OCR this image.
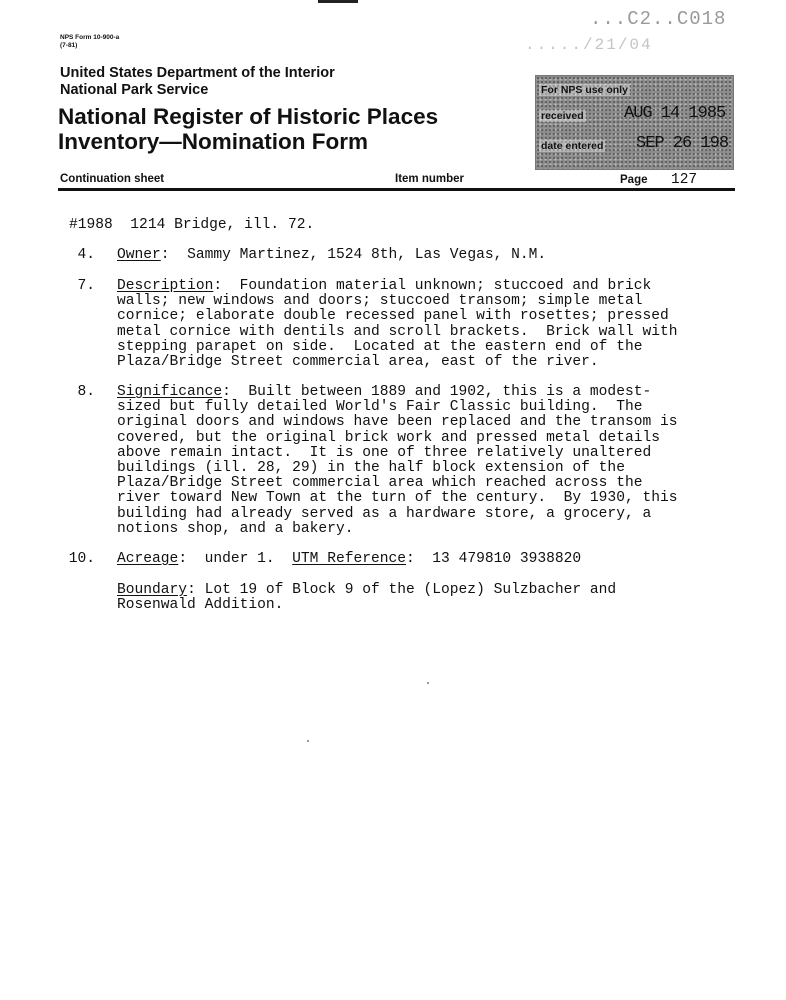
NPS Form 10-900-a
(7-81)
...C2..C018
...../21/04
United States Department of the Interior
National Park Service
National Register of Historic Places
Inventory—Nomination Form
For NPS use only
received AUG 14 1985
date entered SEP 26 198
Continuation sheet	Item number	Page 127
#1988  1214 Bridge, ill. 72.
4. Owner:  Sammy Martinez, 1524 8th, Las Vegas, N.M.
7. Description:  Foundation material unknown; stuccoed and brick
walls; new windows and doors; stuccoed transom; simple metal
cornice; elaborate double recessed panel with rosettes; pressed
metal cornice with dentils and scroll brackets.  Brick wall with
stepping parapet on side.  Located at the eastern end of the
Plaza/Bridge Street commercial area, east of the river.
8. Significance:  Built between 1889 and 1902, this is a modest-
sized but fully detailed World's Fair Classic building.  The
original doors and windows have been replaced and the transom is
covered, but the original brick work and pressed metal details
above remain intact.  It is one of three relatively unaltered
buildings (ill. 28, 29) in the half block extension of the
Plaza/Bridge Street commercial area which reached across the
river toward New Town at the turn of the century.  By 1930, this
building had already served as a hardware store, a grocery, a
notions shop, and a bakery.
10. Acreage:  under 1.  UTM Reference:  13 479810 3938820
Boundary: Lot 19 of Block 9 of the (Lopez) Sulzbacher and
Rosenwald Addition.
